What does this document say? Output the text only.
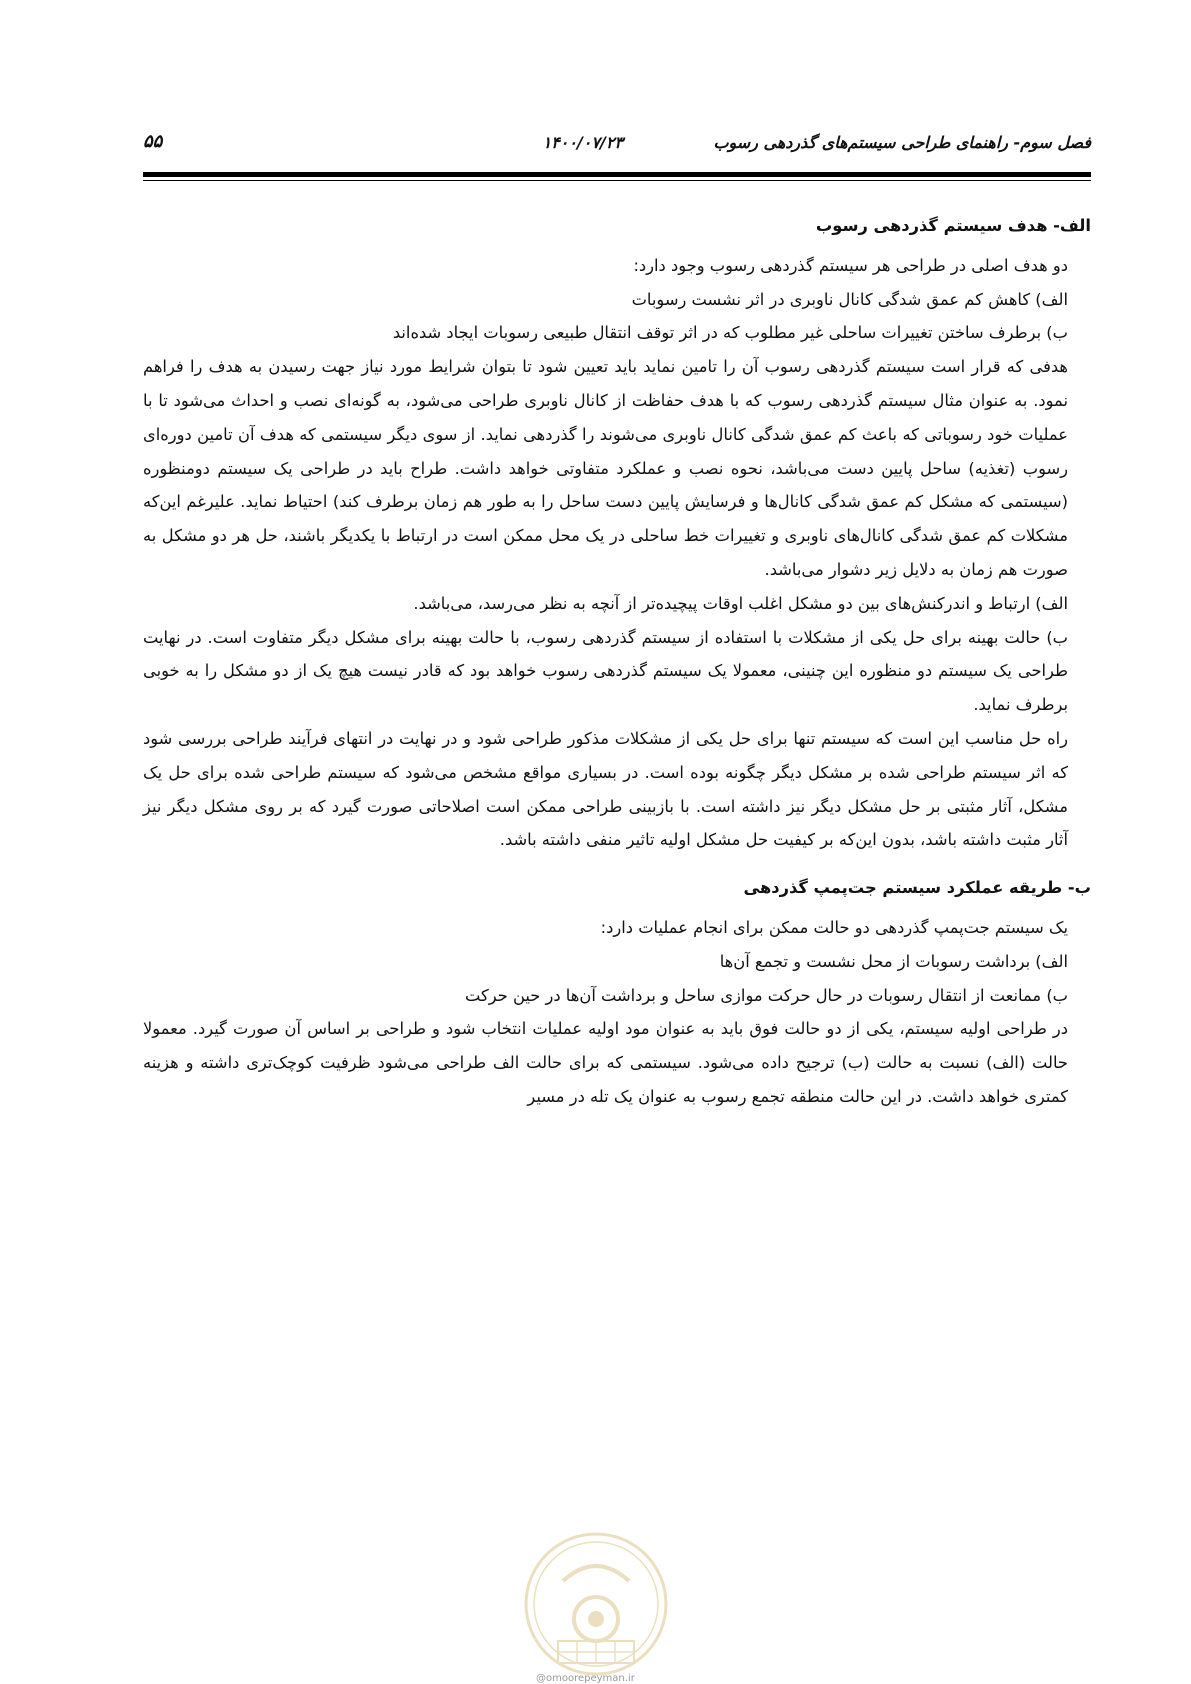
فصل سوم- راهنمای طراحی سیستم‌های گذردهی رسوب
۱۴۰۰/۰۷/۲۳
۵۵
الف- هدف سیستم گذردهی رسوب

دو هدف اصلی در طراحی هر سیستم گذردهی رسوب وجود دارد:

الف) کاهش کم عمق شدگی کانال ناوبری در اثر نشست رسوبات

ب) برطرف ساختن تغییرات ساحلی غیر مطلوب که در اثر توقف انتقال طبیعی رسوبات ایجاد شده‌اند

هدفی که قرار است سیستم گذردهی رسوب آن را تامین نماید باید تعیین شود تا بتوان شرایط مورد نیاز جهت رسیدن به هدف را فراهم نمود. به عنوان مثال سیستم گذردهی رسوب که با هدف حفاظت از کانال ناوبری طراحی می‌شود، به گونه‌ای نصب و احداث می‌شود تا با عملیات خود رسوباتی که باعث کم عمق شدگی کانال ناوبری می‌شوند را گذردهی نماید. از سوی دیگر سیستمی که هدف آن تامین دوره‌ای رسوب (تغذیه) ساحل پایین دست می‌باشد، نحوه نصب و عملکرد متفاوتی خواهد داشت. طراح باید در طراحی یک سیستم دومنظوره (سیستمی که مشکل کم عمق شدگی کانال‌ها و فرسایش پایین دست ساحل را به طور هم زمان برطرف کند) احتیاط نماید. علیرغم این‌که مشکلات کم عمق شدگی کانال‌های ناوبری و تغییرات خط ساحلی در یک محل ممکن است در ارتباط با یکدیگر باشند، حل هر دو مشکل به صورت هم زمان به دلایل زیر دشوار می‌باشد.

الف) ارتباط و اندرکنش‌های بین دو مشکل اغلب اوقات پیچیده‌تر از آنچه به نظر می‌رسد، می‌باشد.

ب) حالت بهینه برای حل یکی از مشکلات با استفاده از سیستم گذردهی رسوب، با حالت بهینه برای مشکل دیگر متفاوت است. در نهایت طراحی یک سیستم دو منظوره این چنینی، معمولا یک سیستم گذردهی رسوب خواهد بود که قادر نیست هیچ یک از دو مشکل را به خوبی برطرف نماید.

راه حل مناسب این است که سیستم تنها برای حل یکی از مشکلات مذکور طراحی شود و در نهایت در انتهای فرآیند طراحی بررسی شود که اثر سیستم طراحی شده بر مشکل دیگر چگونه بوده است. در بسیاری مواقع مشخص می‌شود که سیستم طراحی شده برای حل یک مشکل، آثار مثبتی بر حل مشکل دیگر نیز داشته است. با بازبینی طراحی ممکن است اصلاحاتی صورت گیرد که بر روی مشکل دیگر نیز آثار مثبت داشته باشد، بدون این‌که بر کیفیت حل مشکل اولیه تاثیر منفی داشته باشد.

ب- طریقه عملکرد سیستم جت‌پمپ گذردهی

یک سیستم جت‌پمپ گذردهی دو حالت ممکن برای انجام عملیات دارد:

الف) برداشت رسوبات از محل نشست و تجمع آن‌ها

ب) ممانعت از انتقال رسوبات در حال حرکت موازی ساحل و برداشت آن‌ها در حین حرکت

در طراحی اولیه سیستم، یکی از دو حالت فوق باید به عنوان مود اولیه عملیات انتخاب شود و طراحی بر اساس آن صورت گیرد. معمولا حالت (الف) نسبت به حالت (ب) ترجیح داده می‌شود. سیستمی که برای حالت الف طراحی می‌شود ظرفیت کوچک‌تری داشته و هزینه کمتری خواهد داشت. در این حالت منطقه تجمع رسوب به عنوان یک تله در مسیر

@omoorepeyman.ir
